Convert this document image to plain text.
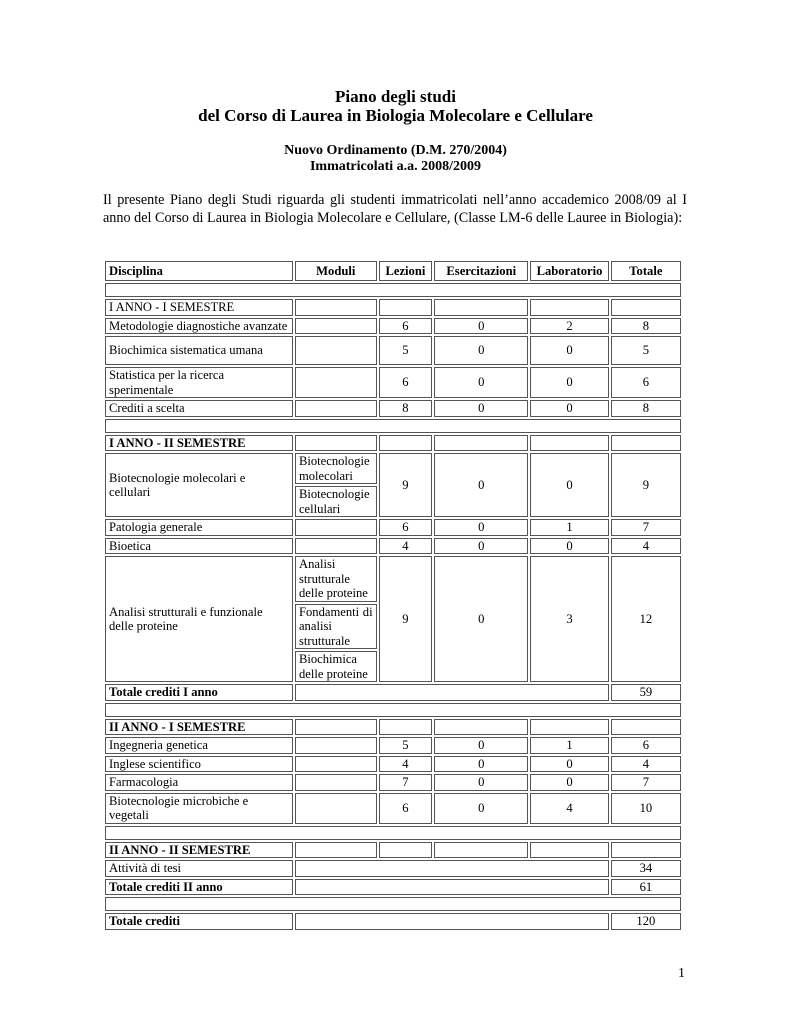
Piano degli studi
del Corso di Laurea in Biologia Molecolare e Cellulare
Nuovo Ordinamento (D.M. 270/2004)
Immatricolati a.a. 2008/2009

Il presente Piano degli Studi riguarda gli studenti immatricolati nell’anno accademico 2008/09 al I anno del Corso di Laurea in Biologia Molecolare e Cellulare, (Classe LM-6 delle Lauree in Biologia):

Disciplina	Moduli	Lezioni	Esercitazioni	Laboratorio	Totale

I ANNO - I SEMESTRE					
Metodologie diagnostiche avanzate		6	0	2	8
Biochimica sistematica umana		5	0	0	5
Statistica per la ricerca sperimentale		6	0	0	6
Crediti a scelta		8	0	0	8

I ANNO - II SEMESTRE					
Biotecnologie molecolari e cellulari	Biotecnologie molecolari	9	0	0	9
	Biotecnologie cellulari				
Patologia generale		6	0	1	7
Bioetica		4	0	0	4
Analisi strutturali e funzionale delle proteine	Analisi strutturale delle proteine	9	0	3	12
	Fondamenti di analisi strutturale				
	Biochimica delle proteine				
Totale crediti I anno					59

II ANNO - I SEMESTRE					
Ingegneria genetica		5	0	1	6
Inglese scientifico		4	0	0	4
Farmacologia		7	0	0	7
Biotecnologie microbiche e vegetali		6	0	4	10

II ANNO - II SEMESTRE					
Attività di tesi					34
Totale crediti II anno					61

Totale crediti					120
1
